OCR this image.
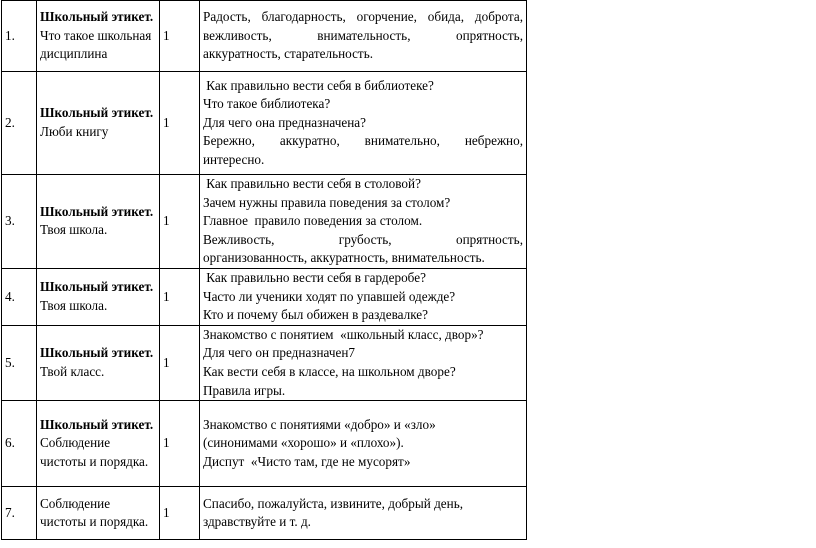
1.	Школьный этикет. Что такое школьная дисциплина	1	Радость, благодарность, огорчение, обида, доброта,
вежливость, внимательность, опрятность,
аккуратность, старательность.

2.	Школьный этикет. Люби книгу	1	Как правильно вести себя в библиотеке?
Что такое библиотека?
Для чего она предназначена?
Бережно, аккуратно, внимательно, небрежно,
интересно.

3.	Школьный этикет. Твоя школа.	1	Как правильно вести себя в столовой?
Зачем нужны правила поведения за столом?
Главное  правило поведения за столом.
Вежливость, грубость, опрятность,
организованность, аккуратность, внимательность.

4.	Школьный этикет. Твоя школа.	1	Как правильно вести себя в гардеробе?
Часто ли ученики ходят по упавшей одежде?
Кто и почему был обижен в раздевалке?

5.	Школьный этикет. Твой класс.	1	Знакомство с понятием  «школьный класс, двор»?
Для чего он предназначен7
Как вести себя в классе, на школьном дворе?
Правила игры.

6.	Школьный этикет. Соблюдение чистоты и порядка.	1	Знакомство с понятиями «добро» и «зло»
(синонимами «хорошо» и «плохо»).
Диспут  «Чисто там, где не мусорят»

7.	Соблюдение чистоты и порядка.	1	Спасибо, пожалуйста, извините, добрый день,
здравствуйте и т. д.
